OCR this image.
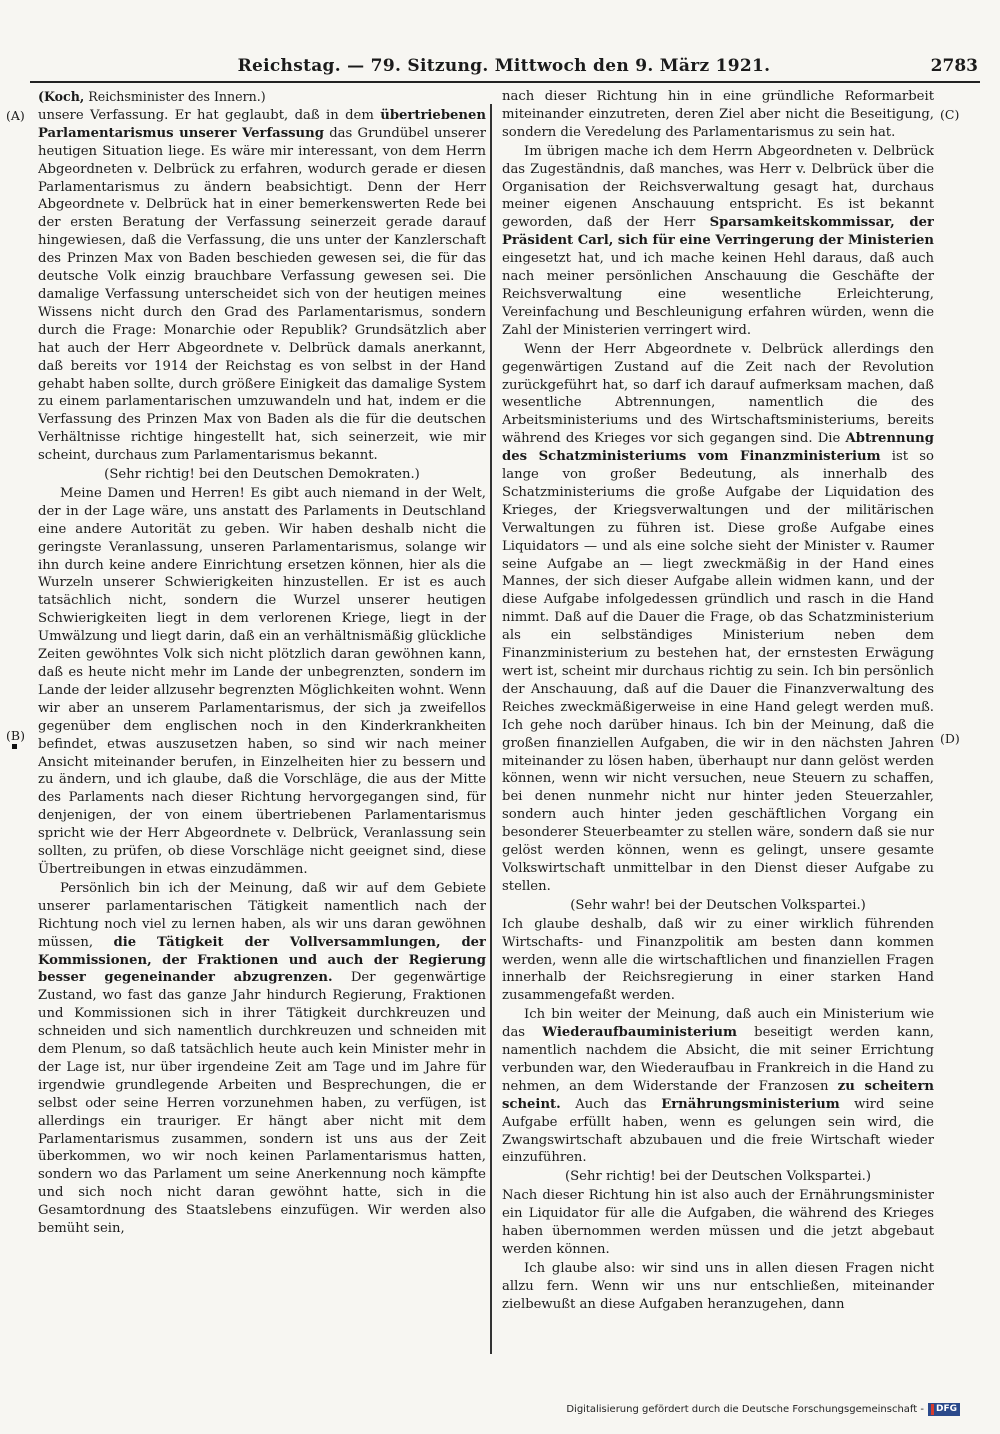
Reichstag. — 79. Sitzung. Mittwoch den 9. März 1921.	2783
(A)
(B)
(C)
(D)
(Koch, Reichsminister des Innern.)

unsere Verfassung. Er hat geglaubt, daß in dem übertriebenen Parlamentarismus unserer Verfassung das Grundübel unserer heutigen Situation liege. Es wäre mir interessant, von dem Herrn Abgeordneten v. Delbrück zu erfahren, wodurch gerade er diesen Parlamentarismus zu ändern beabsichtigt. Denn der Herr Abgeordnete v. Delbrück hat in einer bemerkenswerten Rede bei der ersten Beratung der Verfassung seinerzeit gerade darauf hingewiesen, daß die Verfassung, die uns unter der Kanzlerschaft des Prinzen Max von Baden beschieden gewesen sei, die für das deutsche Volk einzig brauchbare Verfassung gewesen sei. Die damalige Verfassung unterscheidet sich von der heutigen meines Wissens nicht durch den Grad des Parlamentarismus, sondern durch die Frage: Monarchie oder Republik? Grundsätzlich aber hat auch der Herr Abgeordnete v. Delbrück damals anerkannt, daß bereits vor 1914 der Reichstag es von selbst in der Hand gehabt haben sollte, durch größere Einigkeit das damalige System zu einem parlamentarischen umzuwandeln und hat, indem er die Verfassung des Prinzen Max von Baden als die für die deutschen Verhältnisse richtige hingestellt hat, sich seinerzeit, wie mir scheint, durchaus zum Parlamentarismus bekannt.

(Sehr richtig! bei den Deutschen Demokraten.)

Meine Damen und Herren! Es gibt auch niemand in der Welt, der in der Lage wäre, uns anstatt des Parlaments in Deutschland eine andere Autorität zu geben. Wir haben deshalb nicht die geringste Veranlassung, unseren Parlamentarismus, solange wir ihn durch keine andere Einrichtung ersetzen können, hier als die Wurzeln unserer Schwierigkeiten hinzustellen. Er ist es auch tatsächlich nicht, sondern die Wurzel unserer heutigen Schwierigkeiten liegt in dem verlorenen Kriege, liegt in der Umwälzung und liegt darin, daß ein an verhältnismäßig glückliche Zeiten gewöhntes Volk sich nicht plötzlich daran gewöhnen kann, daß es heute nicht mehr im Lande der unbegrenzten, sondern im Lande der leider allzusehr begrenzten Möglichkeiten wohnt. Wenn wir aber an unserem Parlamentarismus, der sich ja zweifellos gegenüber dem englischen noch in den Kinderkrankheiten befindet, etwas auszusetzen haben, so sind wir nach meiner Ansicht miteinander berufen, in Einzelheiten hier zu bessern und zu ändern, und ich glaube, daß die Vorschläge, die aus der Mitte des Parlaments nach dieser Richtung hervorgegangen sind, für denjenigen, der von einem übertriebenen Parlamentarismus spricht wie der Herr Abgeordnete v. Delbrück, Veranlassung sein sollten, zu prüfen, ob diese Vorschläge nicht geeignet sind, diese Übertreibungen in etwas einzudämmen.

Persönlich bin ich der Meinung, daß wir auf dem Gebiete unserer parlamentarischen Tätigkeit namentlich nach der Richtung noch viel zu lernen haben, als wir uns daran gewöhnen müssen, die Tätigkeit der Vollversammlungen, der Kommissionen, der Fraktionen und auch der Regierung besser gegeneinander abzugrenzen. Der gegenwärtige Zustand, wo fast das ganze Jahr hindurch Regierung, Fraktionen und Kommissionen sich in ihrer Tätigkeit durchkreuzen und schneiden und sich namentlich durchkreuzen und schneiden mit dem Plenum, so daß tatsächlich heute auch kein Minister mehr in der Lage ist, nur über irgendeine Zeit am Tage und im Jahre für irgendwie grundlegende Arbeiten und Besprechungen, die er selbst oder seine Herren vorzunehmen haben, zu verfügen, ist allerdings ein trauriger. Er hängt aber nicht mit dem Parlamentarismus zusammen, sondern ist uns aus der Zeit überkommen, wo wir noch keinen Parlamentarismus hatten, sondern wo das Parlament um seine Anerkennung noch kämpfte und sich noch nicht daran gewöhnt hatte, sich in die Gesamtordnung des Staatslebens einzufügen. Wir werden also bemüht sein,

nach dieser Richtung hin in eine gründliche Reformarbeit miteinander einzutreten, deren Ziel aber nicht die Beseitigung, sondern die Veredelung des Parlamentarismus zu sein hat.

Im übrigen mache ich dem Herrn Abgeordneten v. Delbrück das Zugeständnis, daß manches, was Herr v. Delbrück über die Organisation der Reichsverwaltung gesagt hat, durchaus meiner eigenen Anschauung entspricht. Es ist bekannt geworden, daß der Herr Sparsamkeitskommissar, der Präsident Carl, sich für eine Verringerung der Ministerien eingesetzt hat, und ich mache keinen Hehl daraus, daß auch nach meiner persönlichen Anschauung die Geschäfte der Reichsverwaltung eine wesentliche Erleichterung, Vereinfachung und Beschleunigung erfahren würden, wenn die Zahl der Ministerien verringert wird.

Wenn der Herr Abgeordnete v. Delbrück allerdings den gegenwärtigen Zustand auf die Zeit nach der Revolution zurückgeführt hat, so darf ich darauf aufmerksam machen, daß wesentliche Abtrennungen, namentlich die des Arbeitsministeriums und des Wirtschaftsministeriums, bereits während des Krieges vor sich gegangen sind. Die Abtrennung des Schatzministeriums vom Finanzministerium ist so lange von großer Bedeutung, als innerhalb des Schatzministeriums die große Aufgabe der Liquidation des Krieges, der Kriegsverwaltungen und der militärischen Verwaltungen zu führen ist. Diese große Aufgabe eines Liquidators — und als eine solche sieht der Minister v. Raumer seine Aufgabe an — liegt zweckmäßig in der Hand eines Mannes, der sich dieser Aufgabe allein widmen kann, und der diese Aufgabe infolgedessen gründlich und rasch in die Hand nimmt. Daß auf die Dauer die Frage, ob das Schatzministerium als ein selbständiges Ministerium neben dem Finanzministerium zu bestehen hat, der ernstesten Erwägung wert ist, scheint mir durchaus richtig zu sein. Ich bin persönlich der Anschauung, daß auf die Dauer die Finanzverwaltung des Reiches zweckmäßigerweise in eine Hand gelegt werden muß. Ich gehe noch darüber hinaus. Ich bin der Meinung, daß die großen finanziellen Aufgaben, die wir in den nächsten Jahren miteinander zu lösen haben, überhaupt nur dann gelöst werden können, wenn wir nicht versuchen, neue Steuern zu schaffen, bei denen nunmehr nicht nur hinter jeden Steuerzahler, sondern auch hinter jeden geschäftlichen Vorgang ein besonderer Steuerbeamter zu stellen wäre, sondern daß sie nur gelöst werden können, wenn es gelingt, unsere gesamte Volkswirtschaft unmittelbar in den Dienst dieser Aufgabe zu stellen.

(Sehr wahr! bei der Deutschen Volkspartei.)

Ich glaube deshalb, daß wir zu einer wirklich führenden Wirtschafts- und Finanzpolitik am besten dann kommen werden, wenn alle die wirtschaftlichen und finanziellen Fragen innerhalb der Reichsregierung in einer starken Hand zusammengefaßt werden.

Ich bin weiter der Meinung, daß auch ein Ministerium wie das Wiederaufbauministerium beseitigt werden kann, namentlich nachdem die Absicht, die mit seiner Errichtung verbunden war, den Wiederaufbau in Frankreich in die Hand zu nehmen, an dem Widerstande der Franzosen zu scheitern scheint. Auch das Ernährungsministerium wird seine Aufgabe erfüllt haben, wenn es gelungen sein wird, die Zwangswirtschaft abzubauen und die freie Wirtschaft wieder einzuführen.

(Sehr richtig! bei der Deutschen Volkspartei.)

Nach dieser Richtung hin ist also auch der Ernährungsminister ein Liquidator für alle die Aufgaben, die während des Krieges haben übernommen werden müssen und die jetzt abgebaut werden können.

Ich glaube also: wir sind uns in allen diesen Fragen nicht allzu fern. Wenn wir uns nur entschließen, miteinander zielbewußt an diese Aufgaben heranzugehen, dann

Digitalisierung gefördert durch die Deutsche Forschungsgemeinschaft - DFG
